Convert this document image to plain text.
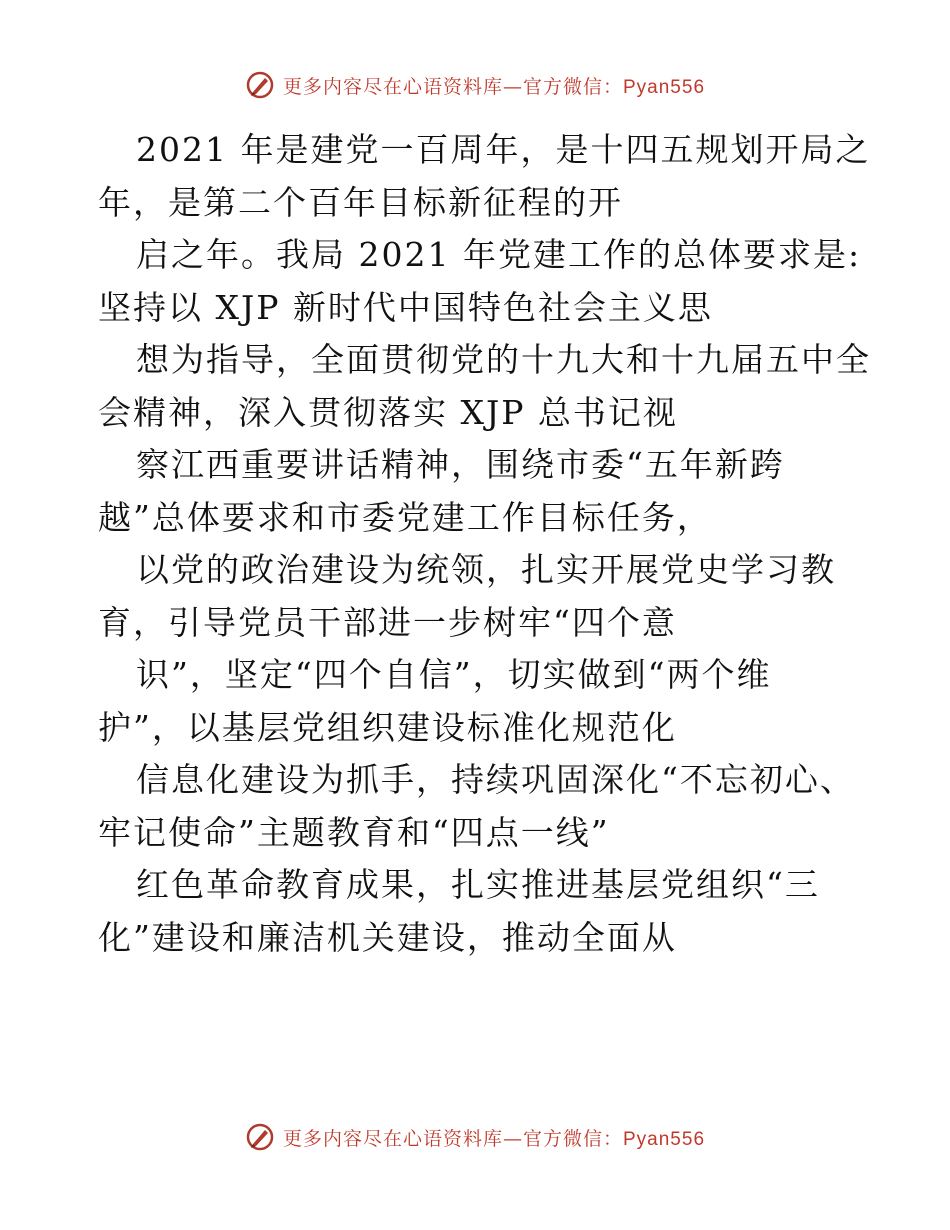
更多内容尽在心语资料库—官方微信：Pyan556
2021 年是建党一百周年，是十四五规划开局之
年，是第二个百年目标新征程的开
启之年。我局 2021 年党建工作的总体要求是:
坚持以 XJP 新时代中国特色社会主义思
想为指导，全面贯彻党的十九大和十九届五中全
会精神，深入贯彻落实 XJP 总书记视
察江西重要讲话精神，围绕市委“五年新跨
越”总体要求和市委党建工作目标任务，
以党的政治建设为统领，扎实开展党史学习教
育，引导党员干部进一步树牢“四个意
识”，坚定“四个自信”，切实做到“两个维
护”，以基层党组织建设标准化规范化
信息化建设为抓手，持续巩固深化“不忘初心、
牢记使命”主题教育和“四点一线”
红色革命教育成果，扎实推进基层党组织“三
化”建设和廉洁机关建设，推动全面从
更多内容尽在心语资料库—官方微信：Pyan556
